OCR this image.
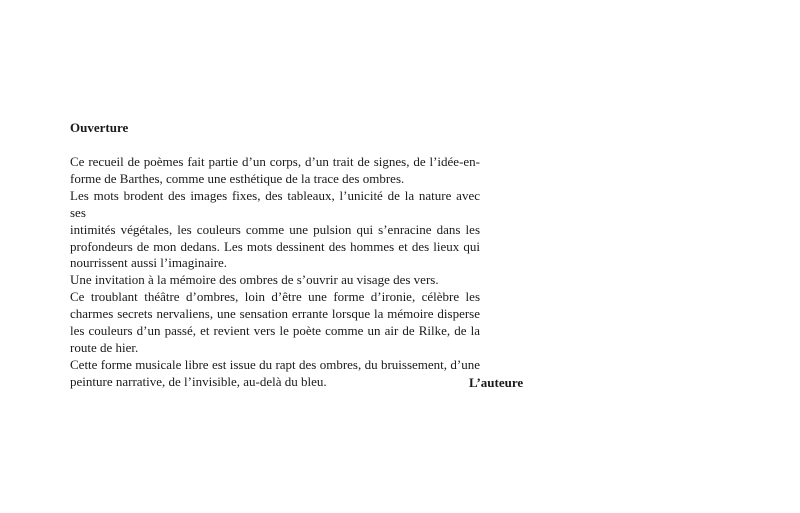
Ouverture
Ce recueil de poèmes fait partie d’un corps, d’un trait de signes, de l’idée-en-
forme de Barthes, comme une esthétique de la trace des ombres.
Les mots brodent des images fixes, des tableaux, l’unicité de la nature avec ses
intimités végétales, les couleurs comme une pulsion qui s’enracine dans les
profondeurs de mon dedans. Les mots dessinent des hommes et des lieux qui
nourrissent aussi l’imaginaire.
Une invitation à la mémoire des ombres de s’ouvrir au visage des vers.
Ce troublant théâtre d’ombres, loin d’être une forme d’ironie, célèbre les
charmes secrets nervaliens, une sensation errante lorsque la mémoire disperse
les couleurs d’un passé, et revient vers le poète comme un air de Rilke, de la
route de hier.
Cette forme musicale libre est issue du rapt des ombres, du bruissement, d’une
peinture narrative, de l’invisible, au-delà du bleu.	L’auteure
